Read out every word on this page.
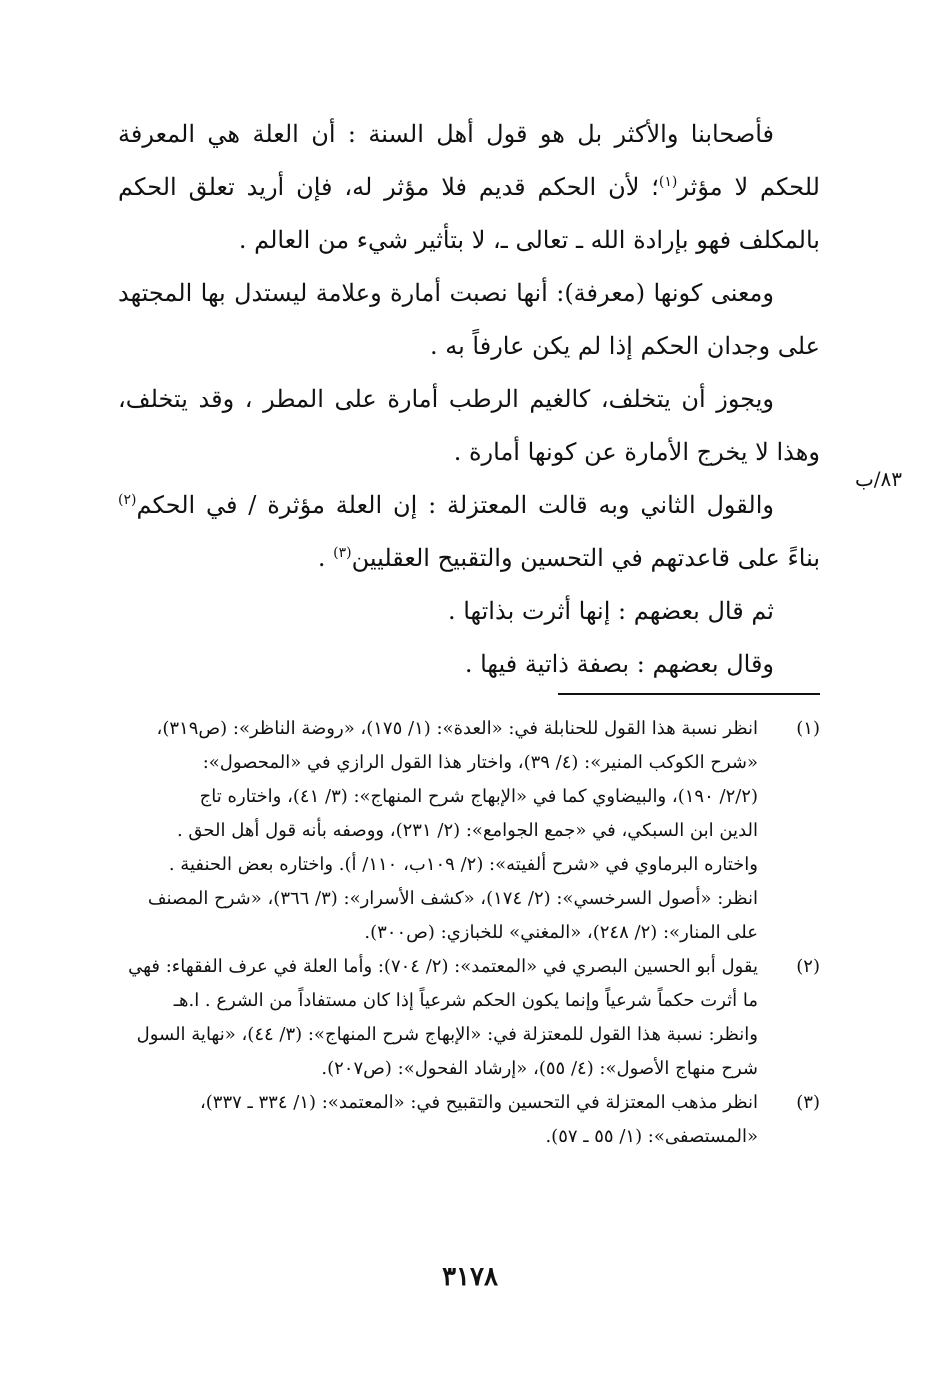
فأصحابنا والأكثر بل هو قول أهل السنة : أن العلة هي المعرفة للحكم لا مؤثر$^{(١)}$؛ لأن الحكم قديم فلا مؤثر له، فإن أريد تعلق الحكم بالمكلف فهو بإرادة الله ـ تعالى ـ، لا بتأثير شيء من العالم .

ومعنى كونها (معرفة): أنها نصبت أمارة وعلامة ليستدل بها المجتهد على وجدان الحكم إذا لم يكن عارفاً به .

ويجوز أن يتخلف، كالغيم الرطب أمارة على المطر ، وقد يتخلف، وهذا لا يخرج الأمارة عن كونها أمارة .

والقول الثاني وبه قالت المعتزلة : إن العلة مؤثرة / في الحكم$^{(٢)}$ بناءً على قاعدتهم في التحسين والتقبيح العقليين$^{(٣)}$ .

ثم قال بعضهم : إنها أثرت بذاتها .

وقال بعضهم : بصفة ذاتية فيها .

٨٣/ب
(١)
انظر نسبة هذا القول للحنابلة في: «العدة»: (١/ ١٧٥)، «روضة الناظر»: (ص٣١٩)،
«شرح الكوكب المنير»: (٤/ ٣٩)، واختار هذا القول الرازي في «المحصول»:
(٢/٢/ ١٩٠)، والبيضاوي كما في «الإبهاج شرح المنهاج»: (٣/ ٤١)، واختاره تاج
الدين ابن السبكي، في «جمع الجوامع»: (٢/ ٢٣١)، ووصفه بأنه قول أهل الحق .
واختاره البرماوي في «شرح ألفيته»: (٢/ ١٠٩ب، ١١٠/ أ). واختاره بعض الحنفية .
انظر: «أصول السرخسي»: (٢/ ١٧٤)، «كشف الأسرار»: (٣/ ٣٦٦)، «شرح المصنف
على المنار»: (٢/ ٢٤٨)، «المغني» للخبازي: (ص٣٠٠).
(٢)
يقول أبو الحسين البصري في «المعتمد»: (٢/ ٧٠٤): وأما العلة في عرف الفقهاء: فهي
ما أثرت حكماً شرعياً وإنما يكون الحكم شرعياً إذا كان مستفاداً من الشرع . ا.هـ
وانظر: نسبة هذا القول للمعتزلة في: «الإبهاج شرح المنهاج»: (٣/ ٤٤)، «نهاية السول
شرح منهاج الأصول»: (٤/ ٥٥)، «إرشاد الفحول»: (ص٢٠٧).
(٣)
انظر مذهب المعتزلة في التحسين والتقبيح في: «المعتمد»: (١/ ٣٣٤ ـ ٣٣٧)،
«المستصفى»: (١/ ٥٥ ـ ٥٧).
٣١٧٨
